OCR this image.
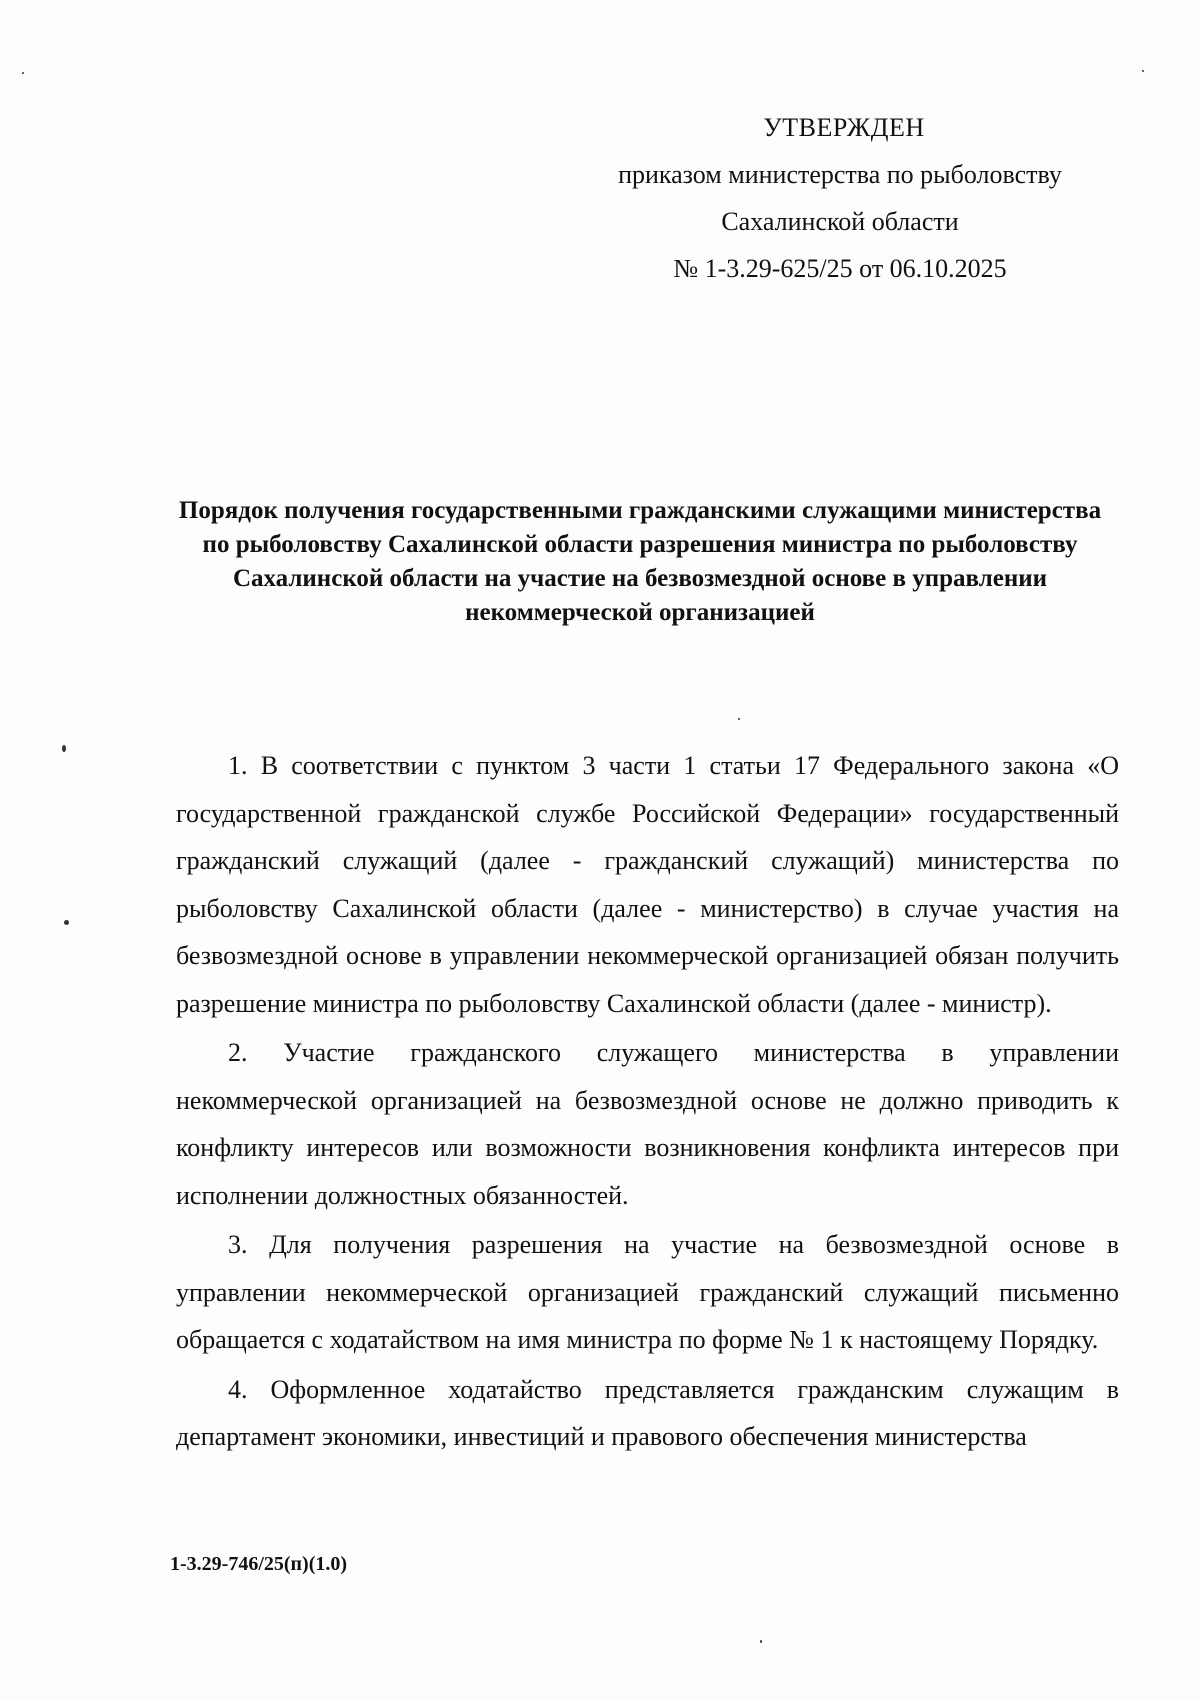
УТВЕРЖДЕН
приказом министерства по рыболовству
Сахалинской области
№ 1-3.29-625/25 от 06.10.2025
Порядок получения государственными гражданскими служащими министерства по рыболовству Сахалинской области разрешения министра по рыболовству Сахалинской области на участие на безвозмездной основе в управлении некоммерческой организацией

1. В соответствии с пунктом 3 части 1 статьи 17 Федерального закона «О государственной гражданской службе Российской Федерации» государственный гражданский служащий (далее - гражданский служащий) министерства по рыболовству Сахалинской области (далее - министерство) в случае участия на безвозмездной основе в управлении некоммерческой организацией обязан получить разрешение министра по рыболовству Сахалинской области (далее - министр).

2. Участие гражданского служащего министерства в управлении некоммерческой организацией на безвозмездной основе не должно приводить к конфликту интересов или возможности возникновения конфликта интересов при исполнении должностных обязанностей.

3. Для получения разрешения на участие на безвозмездной основе в управлении некоммерческой организацией гражданский служащий письменно обращается с ходатайством на имя министра по форме № 1 к настоящему Порядку.

4. Оформленное ходатайство представляется гражданским служащим в департамент экономики, инвестиций и правового обеспечения министерства

1-3.29-746/25(п)(1.0)
